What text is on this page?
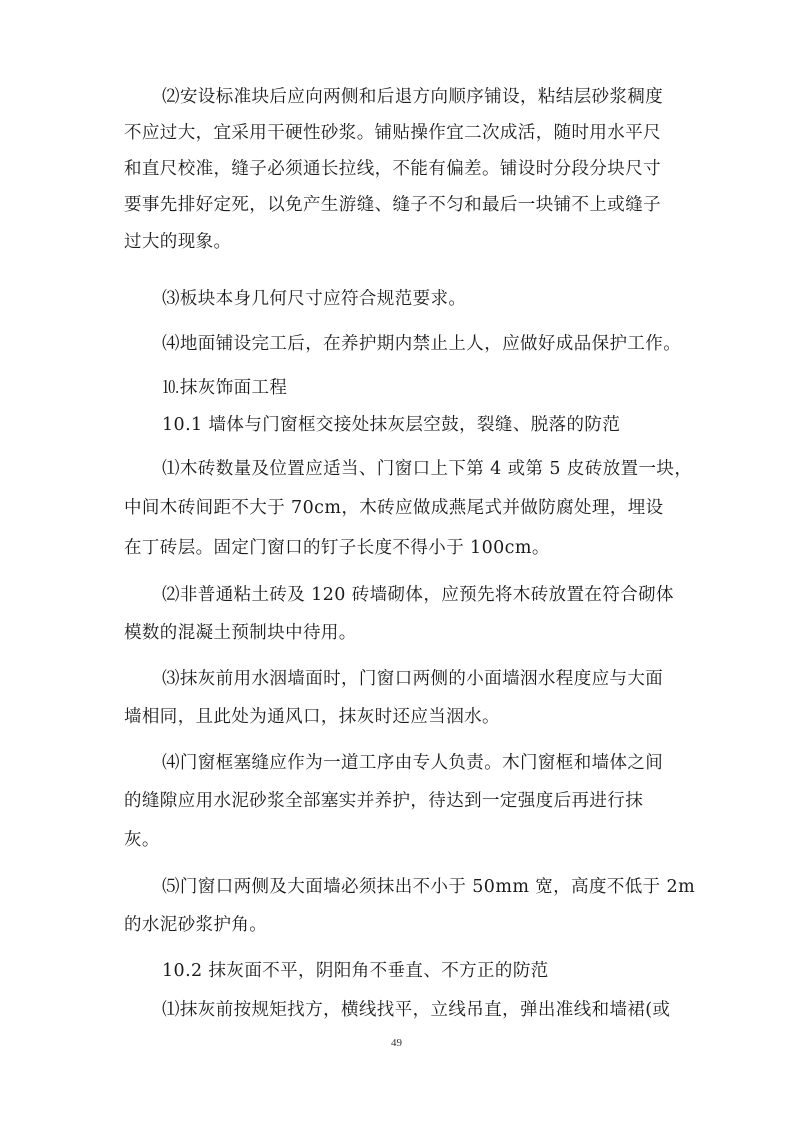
⑵安设标准块后应向两侧和后退方向顺序铺设，粘结层砂浆稠度
不应过大，宜采用干硬性砂浆。铺贴操作宜二次成活，随时用水平尺
和直尺校准，缝子必须通长拉线，不能有偏差。铺设时分段分块尺寸
要事先排好定死，以免产生游缝、缝子不匀和最后一块铺不上或缝子
过大的现象。
⑶板块本身几何尺寸应符合规范要求。
⑷地面铺设完工后，在养护期内禁止上人，应做好成品保护工作。
⒑抹灰饰面工程
10.1 墙体与门窗框交接处抹灰层空鼓，裂缝、脱落的防范
⑴木砖数量及位置应适当、门窗口上下第 4 或第 5 皮砖放置一块，
中间木砖间距不大于 70cm，木砖应做成燕尾式并做防腐处理，埋设
在丁砖层。固定门窗口的钉子长度不得小于 100cm。
⑵非普通粘土砖及 120 砖墙砌体，应预先将木砖放置在符合砌体
模数的混凝土预制块中待用。
⑶抹灰前用水洇墙面时，门窗口两侧的小面墙洇水程度应与大面
墙相同，且此处为通风口，抹灰时还应当洇水。
⑷门窗框塞缝应作为一道工序由专人负责。木门窗框和墙体之间
的缝隙应用水泥砂浆全部塞实并养护，待达到一定强度后再进行抹
灰。
⑸门窗口两侧及大面墙必须抹出不小于 50mm 宽，高度不低于 2m
的水泥砂浆护角。
10.2 抹灰面不平，阴阳角不垂直、不方正的防范
⑴抹灰前按规矩找方，横线找平，立线吊直，弹出准线和墙裙(或
49
